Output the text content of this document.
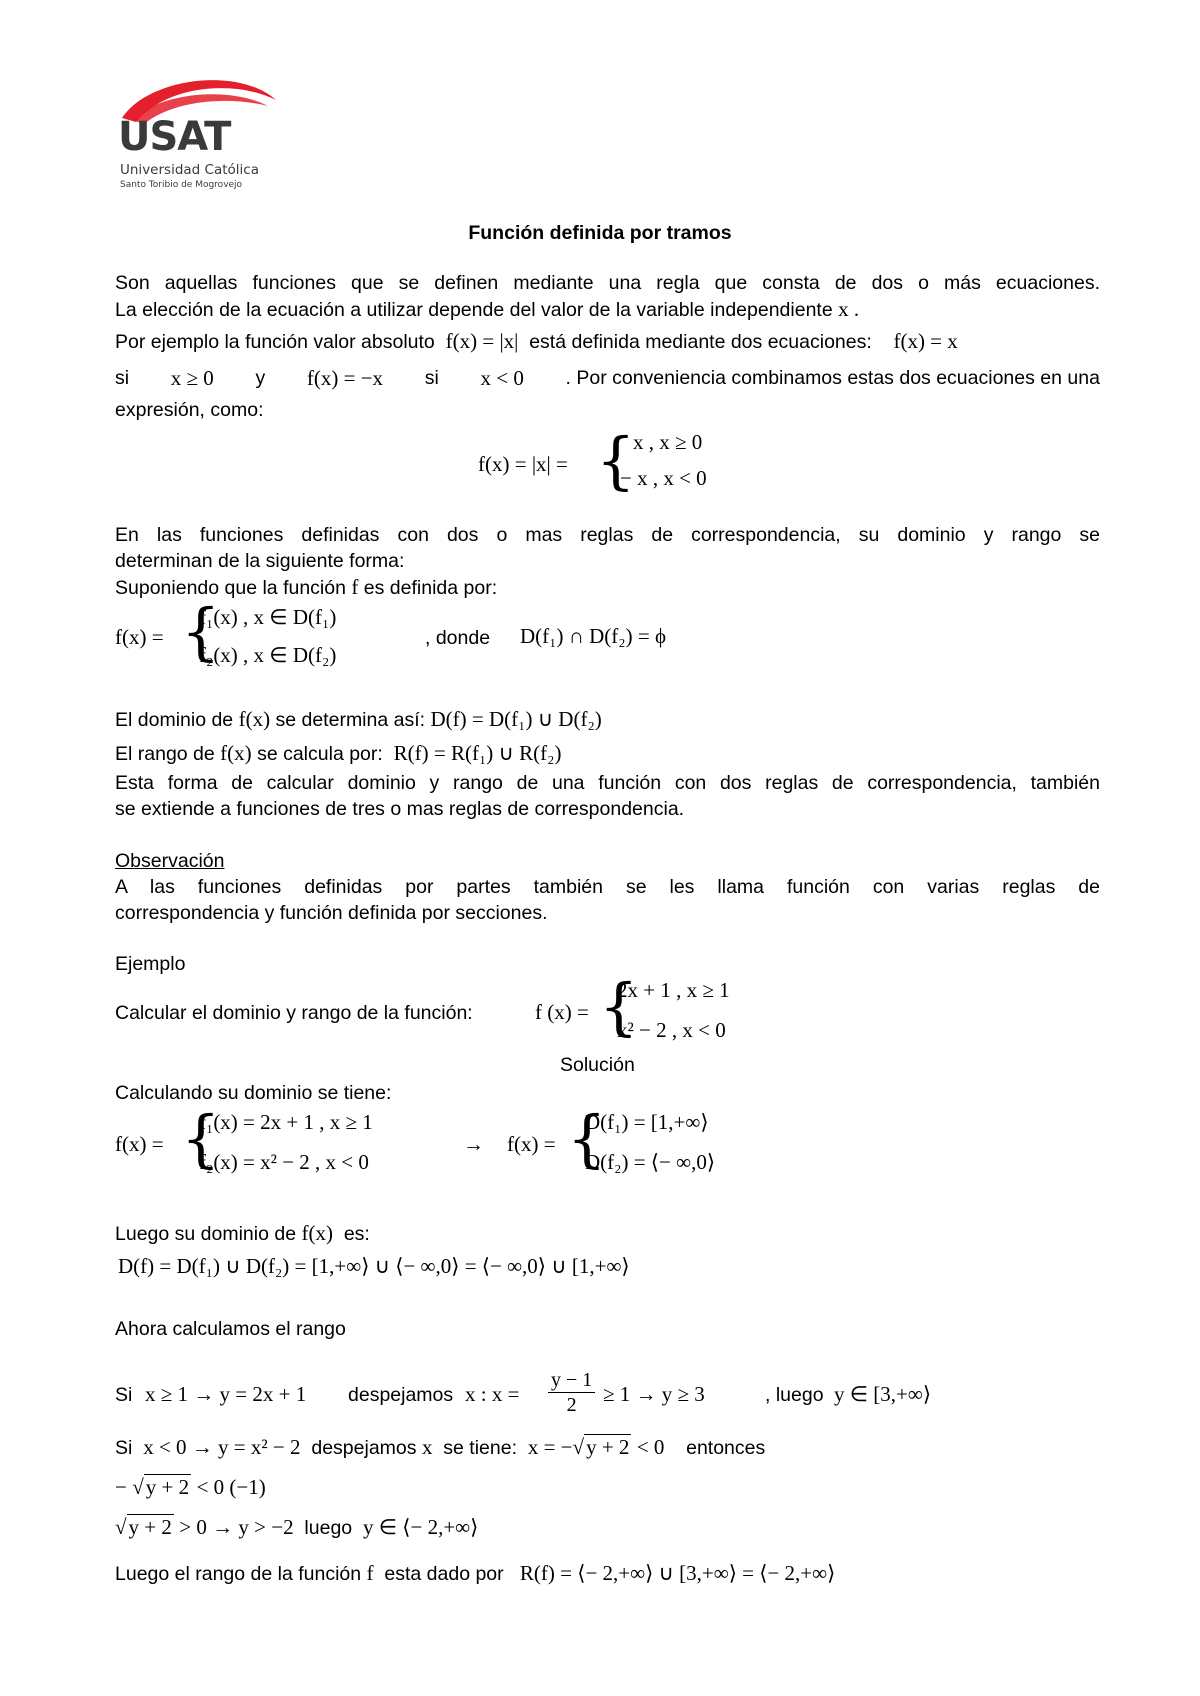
USAT
Universidad Católica
Santo Toribio de Mogrovejo
Función definida por tramos
Son aquellas funciones que se definen mediante una regla que consta de dos o más ecuaciones.
La elección de la ecuación a utilizar depende del valor de la variable independiente x .
Por ejemplo la función valor absoluto f(x) = |x| está definida mediante dos ecuaciones: f(x) = x
si x ≥ 0 y f(x) = −x si x < 0 . Por conveniencia combinamos estas dos ecuaciones en una
expresión, como:
f(x) = |x| = {
x , x ≥ 0
− x , x < 0
En las funciones definidas con dos o mas reglas de correspondencia, su dominio y rango se
determinan de la siguiente forma:
Suponiendo que la función f es definida por:
f(x) = {
f₁(x) , x ∈ D(f₁)
f₂(x) , x ∈ D(f₂)
, donde D(f₁) ∩ D(f₂) = ϕ
El dominio de f(x) se determina así: D(f) = D(f₁) ∪ D(f₂)
El rango de f(x) se calcula por: R(f) = R(f₁) ∪ R(f₂)
Esta forma de calcular dominio y rango de una función con dos reglas de correspondencia, también
se extiende a funciones de tres o mas reglas de correspondencia.
Observación
A las funciones definidas por partes también se les llama función con varias reglas de
correspondencia y función definida por secciones.
Ejemplo
Calcular el dominio y rango de la función:	f (x) = {
2x + 1 , x ≥ 1
x² − 2 , x < 0
Solución
Calculando su dominio se tiene:
f(x) = {
f₁(x) = 2x + 1 , x ≥ 1
f₂(x) = x² − 2 , x < 0
→ f(x) = {
D(f₁) = [1,+∞⟩
D(f₂) = ⟨− ∞,0⟩
Luego su dominio de f(x) es:
D(f) = D(f₁) ∪ D(f₂) = [1,+∞⟩ ∪ ⟨− ∞,0⟩ = ⟨− ∞,0⟩ ∪ [1,+∞⟩
Ahora calculamos el rango
Si x ≥ 1 → y = 2x + 1 despejamos x : $x = \frac{y - 1}{2} \ge 1 \to y \ge 3$	, luego y ∈ [3,+∞⟩
Si x < 0 → y = x² − 2 despejamos x se tiene: x = −√y + 2 < 0 entonces
− √y + 2 < 0 (−1)
√y + 2 > 0 → y > −2 luego y ∈ ⟨− 2,+∞⟩
Luego el rango de la función f esta dado por R(f) = ⟨− 2,+∞⟩ ∪ [3,+∞⟩ = ⟨− 2,+∞⟩
